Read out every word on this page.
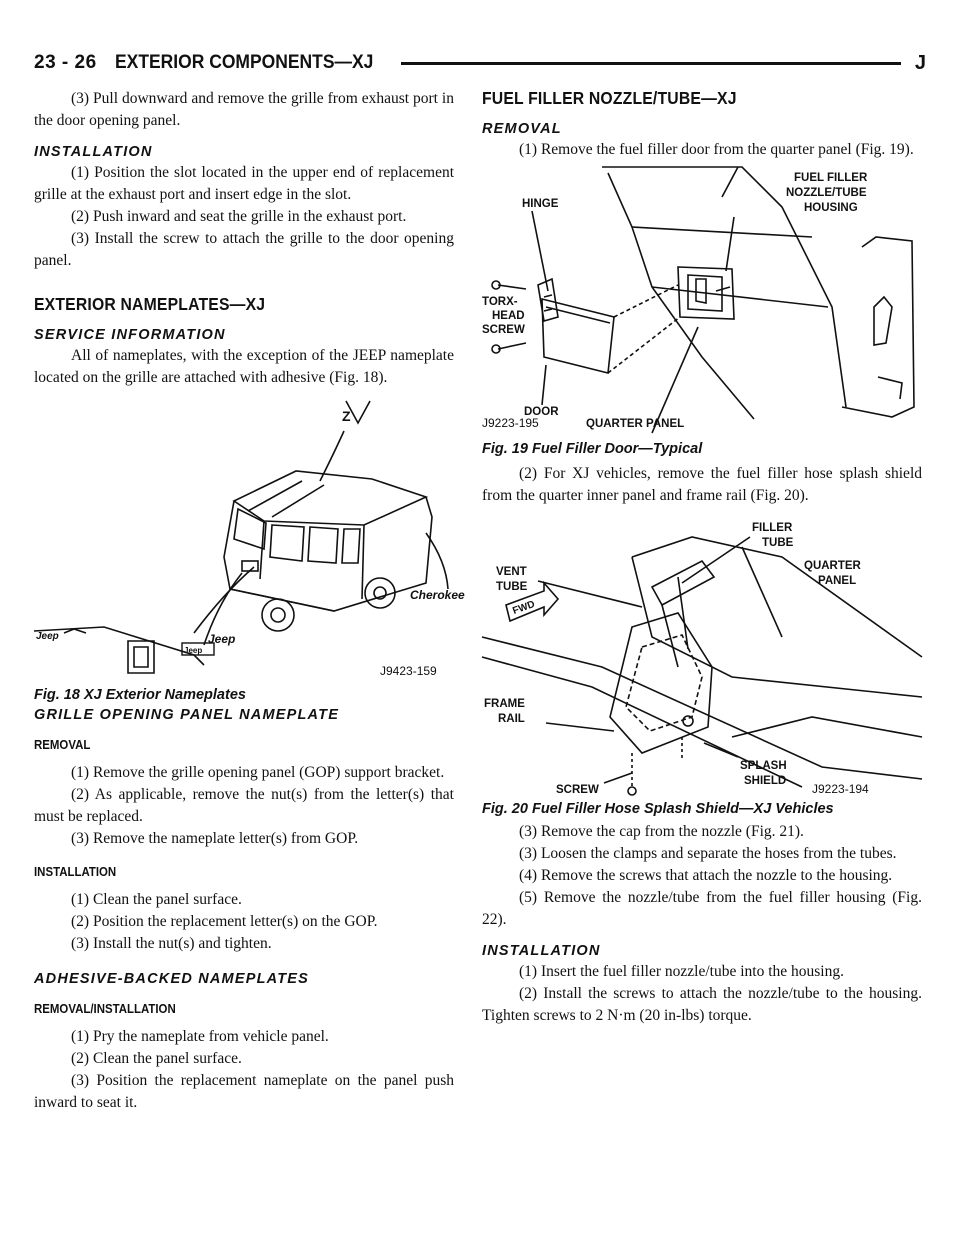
23 - 26 EXTERIOR COMPONENTS—XJ	J

(3) Pull downward and remove the grille from exhaust port in the door opening panel.

INSTALLATION

(1) Position the slot located in the upper end of replacement grille at the exhaust port and insert edge in the slot.

(2) Push inward and seat the grille in the exhaust port.

(3) Install the screw to attach the grille to the door opening panel.

EXTERIOR NAMEPLATES—XJ
SERVICE INFORMATION

All of nameplates, with the exception of the JEEP nameplate located on the grille are attached with adhesive (Fig. 18).

Jeep
Z
Cherokee
Jeep
Jeep
J9423-159
Fig. 18 XJ Exterior Nameplates
GRILLE OPENING PANEL NAMEPLATE
REMOVAL

(1) Remove the grille opening panel (GOP) support bracket.

(2) As applicable, remove the nut(s) from the letter(s) that must be replaced.

(3) Remove the nameplate letter(s) from GOP.

INSTALLATION

(1) Clean the panel surface.

(2) Position the replacement letter(s) on the GOP.

(3) Install the nut(s) and tighten.

ADHESIVE-BACKED NAMEPLATES
REMOVAL/INSTALLATION

(1) Pry the nameplate from vehicle panel.

(2) Clean the panel surface.

(3) Position the replacement nameplate on the panel push inward to seat it.

FUEL FILLER NOZZLE/TUBE—XJ
REMOVAL

(1) Remove the fuel filler door from the quarter panel (Fig. 19).

HINGE
FUEL FILLER
NOZZLE/TUBE
HOUSING
TORX-
HEAD
SCREW
DOOR
QUARTER PANEL
J9223-195
Fig. 19 Fuel Filler Door—Typical

(2) For XJ vehicles, remove the fuel filler hose splash shield from the quarter inner panel and frame rail (Fig. 20).

FWD
FILLER
TUBE
VENT
TUBE
QUARTER
PANEL
FRAME
RAIL
SCREW
SPLASH
SHIELD
J9223-194
Fig. 20 Fuel Filler Hose Splash Shield—XJ Vehicles

(3) Remove the cap from the nozzle (Fig. 21).

(3) Loosen the clamps and separate the hoses from the tubes.

(4) Remove the screws that attach the nozzle to the housing.

(5) Remove the nozzle/tube from the fuel filler housing (Fig. 22).

INSTALLATION

(1) Insert the fuel filler nozzle/tube into the housing.

(2) Install the screws to attach the nozzle/tube to the housing. Tighten screws to 2 N·m (20 in-lbs) torque.
